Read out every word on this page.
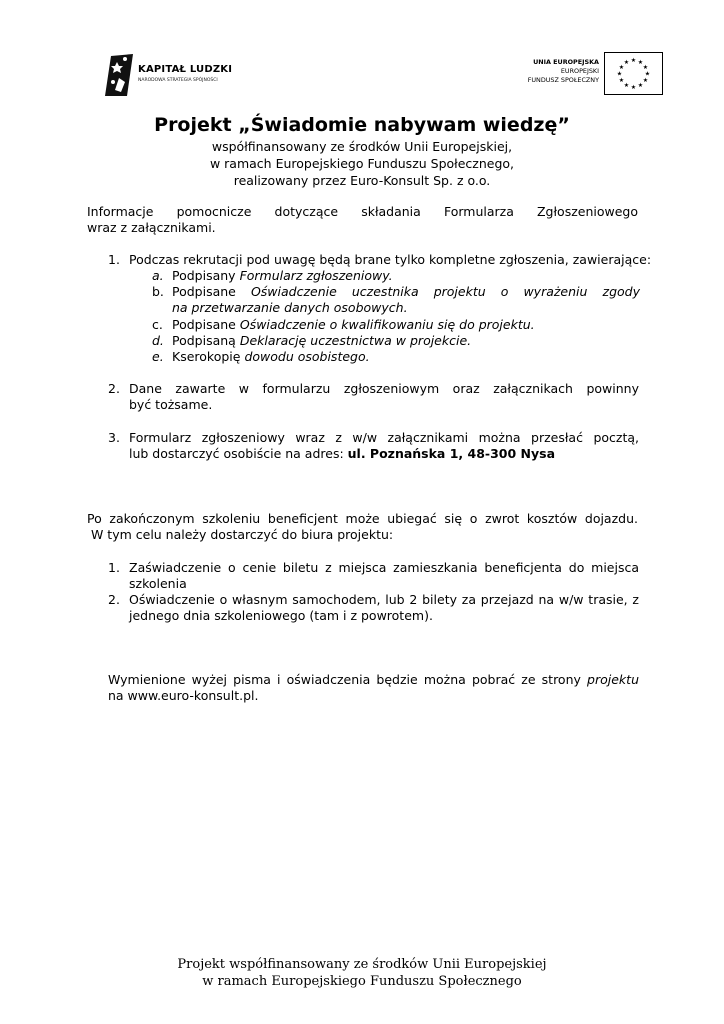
KAPITAŁ LUDZKI
NARODOWA STRATEGIA SPÓJNOŚCI
UNIA EUROPEJSKA
EUROPEJSKI
FUNDUSZ SPOŁECZNY
★ ★
★
★
★
★
★
★
★
★
★
★
Projekt „Świadomie nabywam wiedzę”
współfinansowany ze środków Unii Europejskiej,
w ramach Europejskiego Funduszu Społecznego,
realizowany przez Euro-Konsult Sp. z o.o.
Informacje pomocnicze dotyczące składania Formularza Zgłoszeniowego
wraz z załącznikami.
1. Podczas rekrutacji pod uwagę będą brane tylko kompletne zgłoszenia, zawierające:
a. Podpisany Formularz zgłoszeniowy.
b. Podpisane Oświadczenie uczestnika projektu o wyrażeniu zgody
na przetwarzanie danych osobowych.
c. Podpisane Oświadczenie o kwalifikowaniu się do projektu.
d. Podpisaną Deklarację uczestnictwa w projekcie.
e. Kserokopię dowodu osobistego.
2. Dane zawarte w formularzu zgłoszeniowym oraz załącznikach powinny
być tożsame.
3. Formularz zgłoszeniowy wraz z w/w załącznikami można przesłać pocztą,
lub dostarczyć osobiście na adres: ul. Poznańska 1, 48-300 Nysa
Po zakończonym szkoleniu beneficjent może ubiegać się o zwrot kosztów dojazdu.
W tym celu należy dostarczyć do biura projektu:
1. Zaświadczenie o cenie biletu z miejsca zamieszkania beneficjenta do miejsca
szkolenia
2. Oświadczenie o własnym samochodem, lub 2 bilety za przejazd na w/w trasie, z
jednego dnia szkoleniowego (tam i z powrotem).
Wymienione wyżej pisma i oświadczenia będzie można pobrać ze strony projektu
na www.euro-konsult.pl.
Projekt współfinansowany ze środków Unii Europejskiej
w ramach Europejskiego Funduszu Społecznego
